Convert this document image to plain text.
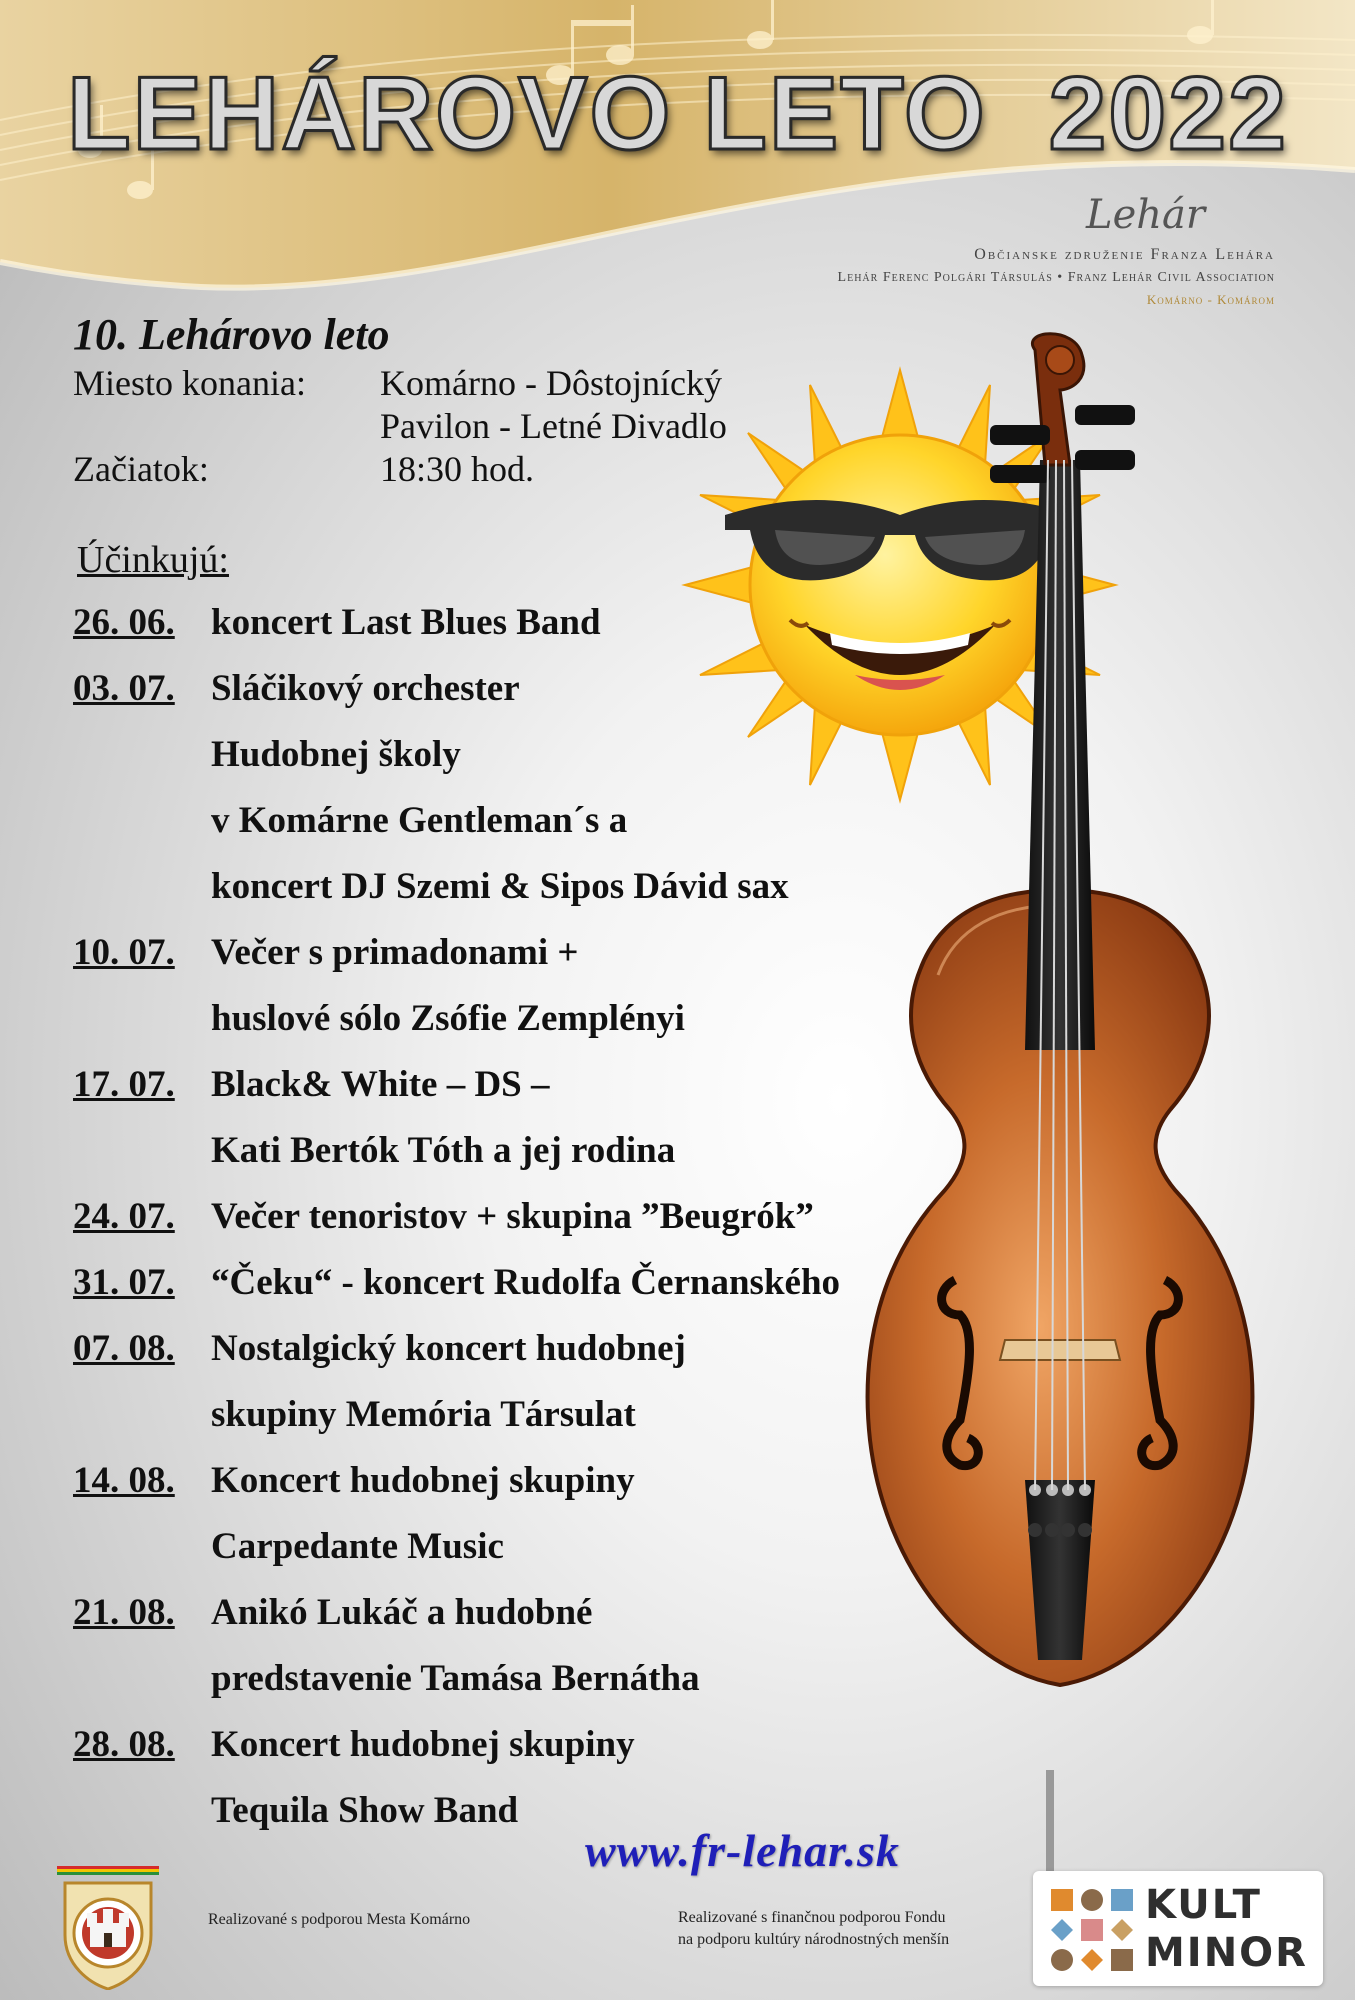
LEHÁROVO LETO  2022
Lehár
Občianske združenie Franza Lehára
Lehár Ferenc Polgári Társulás • Franz Lehár Civil Association
Komárno - Komárom
10. Lehárovo leto
Miesto konania:	Komárno - Dôstojnícký
Pavilon - Letné Divadlo
Začiatok:	18:30 hod.
Účinkujú:
26. 06. koncert Last Blues Band
03. 07. Sláčikový orchester
Hudobnej školy
v Komárne Gentleman´s a
koncert DJ Szemi & Sipos Dávid sax
10. 07. Večer s primadonami +
huslové sólo Zsófie Zemplényi
17. 07. Black& White – DS –
Kati Bertók Tóth a jej rodina
24. 07. Večer tenoristov + skupina ”Beugrók”
31. 07. “Čeku“ - koncert Rudolfa Černanského
07. 08. Nostalgický koncert hudobnej
skupiny Memória Társulat
14. 08. Koncert hudobnej skupiny
Carpedante Music
21. 08. Anikó Lukáč a hudobné
predstavenie Tamása Bernátha
28. 08. Koncert hudobnej skupiny
Tequila Show Band
www.fr-lehar.sk
Realizované s podporou Mesta Komárno	Realizované s finančnou podporou Fondu
na podporu kultúry národnostných menšín
KULT
MINOR
